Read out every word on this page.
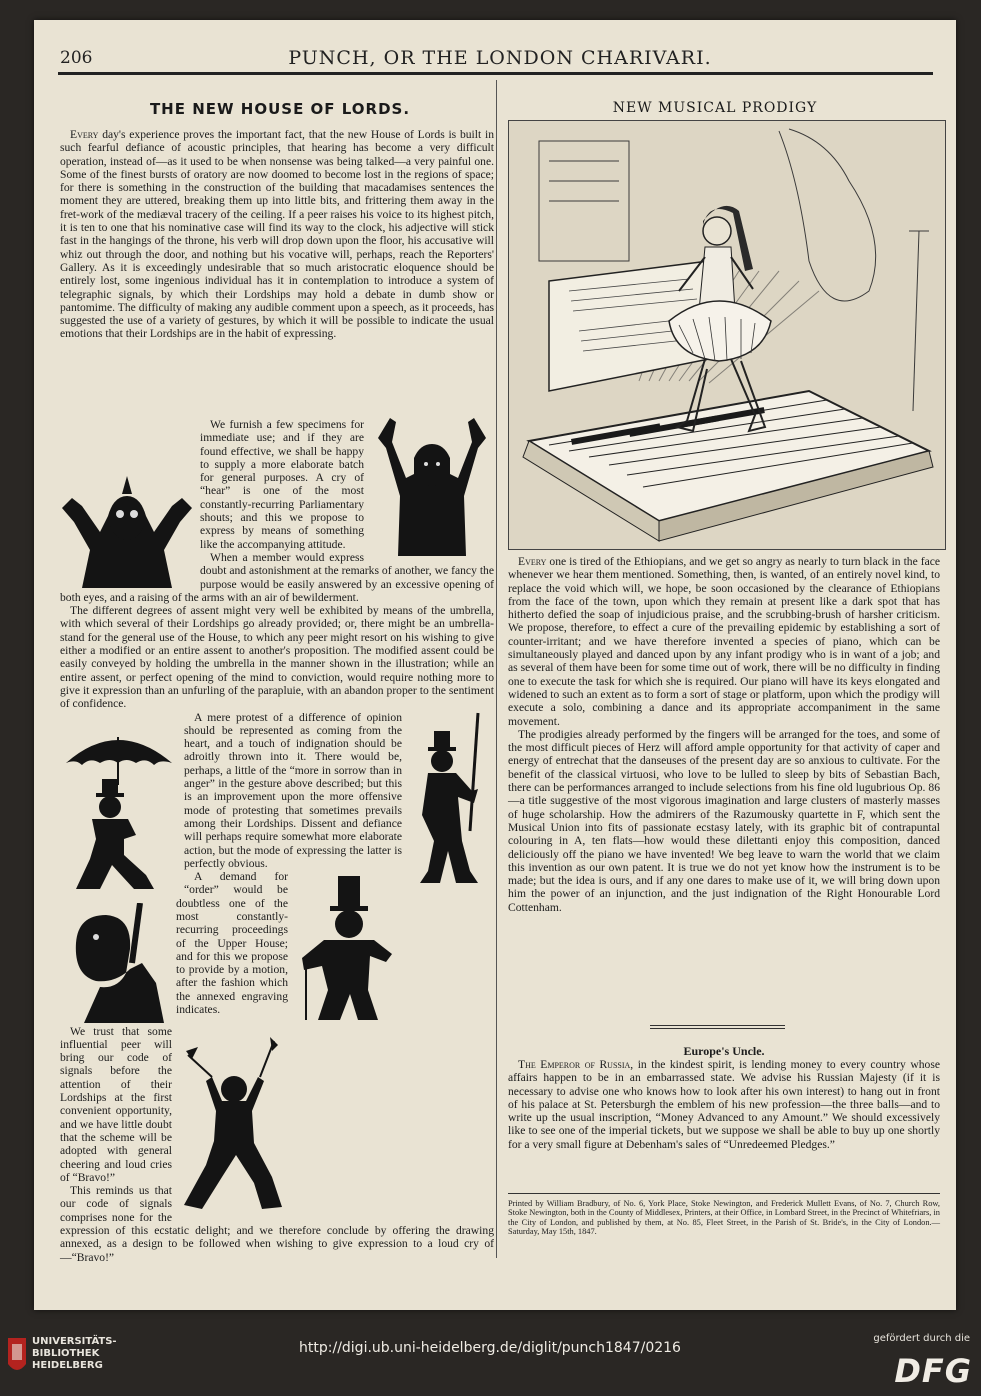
206	PUNCH, OR THE LONDON CHARIVARI.
THE NEW HOUSE OF LORDS.

Every day's experience proves the important fact, that the new House of Lords is built in such fearful defiance of acoustic principles, that hearing has become a very difficult operation, instead of—as it used to be when nonsense was being talked—a very painful one. Some of the finest bursts of oratory are now doomed to become lost in the regions of space; for there is something in the construction of the building that macadamises sentences the moment they are uttered, breaking them up into little bits, and frittering them away in the fret-work of the mediæval tracery of the ceiling. If a peer raises his voice to its highest pitch, it is ten to one that his nominative case will find its way to the clock, his adjective will stick fast in the hangings of the throne, his verb will drop down upon the floor, his accusative will whiz out through the door, and nothing but his vocative will, perhaps, reach the Reporters' Gallery. As it is exceedingly undesirable that so much aristocratic eloquence should be entirely lost, some ingenious individual has it in contemplation to introduce a system of telegraphic signals, by which their Lordships may hold a debate in dumb show or pantomime. The difficulty of making any audible comment upon a speech, as it proceeds, has suggested the use of a variety of gestures, by which it will be possible to indicate the usual emotions that their Lordships are in the habit of expressing.

We furnish a few specimens for immediate use; and if they are found effective, we shall be happy to supply a more elaborate batch for general purposes. A cry of “hear” is one of the most constantly-recurring Parliamentary shouts; and this we propose to express by means of something like the accompanying attitude.

When a member would express doubt and astonishment at the remarks of another, we fancy the purpose would be easily answered by an excessive opening of both eyes, and a raising of the arms with an air of bewilderment.

The different degrees of assent might very well be exhibited by means of the umbrella, with which several of their Lordships go already provided; or, there might be an umbrella-stand for the general use of the House, to which any peer might resort on his wishing to give either a modified or an entire assent to another's proposition. The modified assent could be easily conveyed by holding the umbrella in the manner shown in the illustration; while an entire assent, or perfect opening of the mind to conviction, would require nothing more to give it expression than an unfurling of the parapluie, with an abandon proper to the sentiment of confidence.

A mere protest of a difference of opinion should be represented as coming from the heart, and a touch of indignation should be adroitly thrown into it. There would be, perhaps, a little of the “more in sorrow than in anger” in the gesture above described; but this is an improvement upon the more offensive mode of protesting that sometimes prevails among their Lordships. Dissent and defiance will perhaps require somewhat more elaborate action, but the mode of expressing the latter is perfectly obvious.

A demand for “order” would be doubtless one of the most constantly-recurring proceedings of the Upper House; and for this we propose to provide by a motion, after the fashion which the annexed engraving indicates.

We trust that some influential peer will bring our code of signals before the attention of their Lordships at the first convenient opportunity, and we have little doubt that the scheme will be adopted with general cheering and loud cries of “Bravo!”

This reminds us that our code of signals comprises none for the expression of this ecstatic delight; and we therefore conclude by offering the drawing annexed, as a design to be followed when wishing to give expression to a loud cry of—“Bravo!”

NEW MUSICAL PRODIGY

Every one is tired of the Ethiopians, and we get so angry as nearly to turn black in the face whenever we hear them mentioned. Something, then, is wanted, of an entirely novel kind, to replace the void which will, we hope, be soon occasioned by the clearance of Ethiopians from the face of the town, upon which they remain at present like a dark spot that has hitherto defied the soap of injudicious praise, and the scrubbing-brush of harsher criticism. We propose, therefore, to effect a cure of the prevailing epidemic by establishing a sort of counter-irritant; and we have therefore invented a species of piano, which can be simultaneously played and danced upon by any infant prodigy who is in want of a job; and as several of them have been for some time out of work, there will be no difficulty in finding one to execute the task for which she is required. Our piano will have its keys elongated and widened to such an extent as to form a sort of stage or platform, upon which the prodigy will execute a solo, combining a dance and its appropriate accompaniment in the same movement.

The prodigies already performed by the fingers will be arranged for the toes, and some of the most difficult pieces of Herz will afford ample opportunity for that activity of caper and energy of entrechat that the danseuses of the present day are so anxious to cultivate. For the benefit of the classical virtuosi, who love to be lulled to sleep by bits of Sebastian Bach, there can be performances arranged to include selections from his fine old lugubrious Op. 86—a title suggestive of the most vigorous imagination and large clusters of masterly masses of huge scholarship. How the admirers of the Razumousky quartette in F, which sent the Musical Union into fits of passionate ecstasy lately, with its graphic bit of contrapuntal colouring in A, ten flats—how would these dilettanti enjoy this composition, danced deliciously off the piano we have invented! We beg leave to warn the world that we claim this invention as our own patent. It is true we do not yet know how the instrument is to be made; but the idea is ours, and if any one dares to make use of it, we will bring down upon him the power of an injunction, and the just indignation of the Right Honourable Lord Cottenham.

Europe's Uncle.

The Emperor of Russia, in the kindest spirit, is lending money to every country whose affairs happen to be in an embarrassed state. We advise his Russian Majesty (if it is necessary to advise one who knows how to look after his own interest) to hang out in front of his palace at St. Petersburgh the emblem of his new profession—the three balls—and to write up the usual inscription, “Money Advanced to any Amount.” We should excessively like to see one of the imperial tickets, but we suppose we shall be able to buy up one shortly for a very small figure at Debenham's sales of “Unredeemed Pledges.”

Printed by William Bradbury, of No. 6, York Place, Stoke Newington, and Frederick Mullett Evans, of No. 7, Church Row, Stoke Newington, both in the County of Middlesex, Printers, at their Office, in Lombard Street, in the Precinct of Whitefriars, in the City of London, and published by them, at No. 85, Fleet Street, in the Parish of St. Bride's, in the City of London.—Saturday, May 15th, 1847.
UNIVERSITÄTS-
BIBLIOTHEK
HEIDELBERG
http://digi.ub.uni-heidelberg.de/diglit/punch1847/0216
gefördert durch die
DFG
